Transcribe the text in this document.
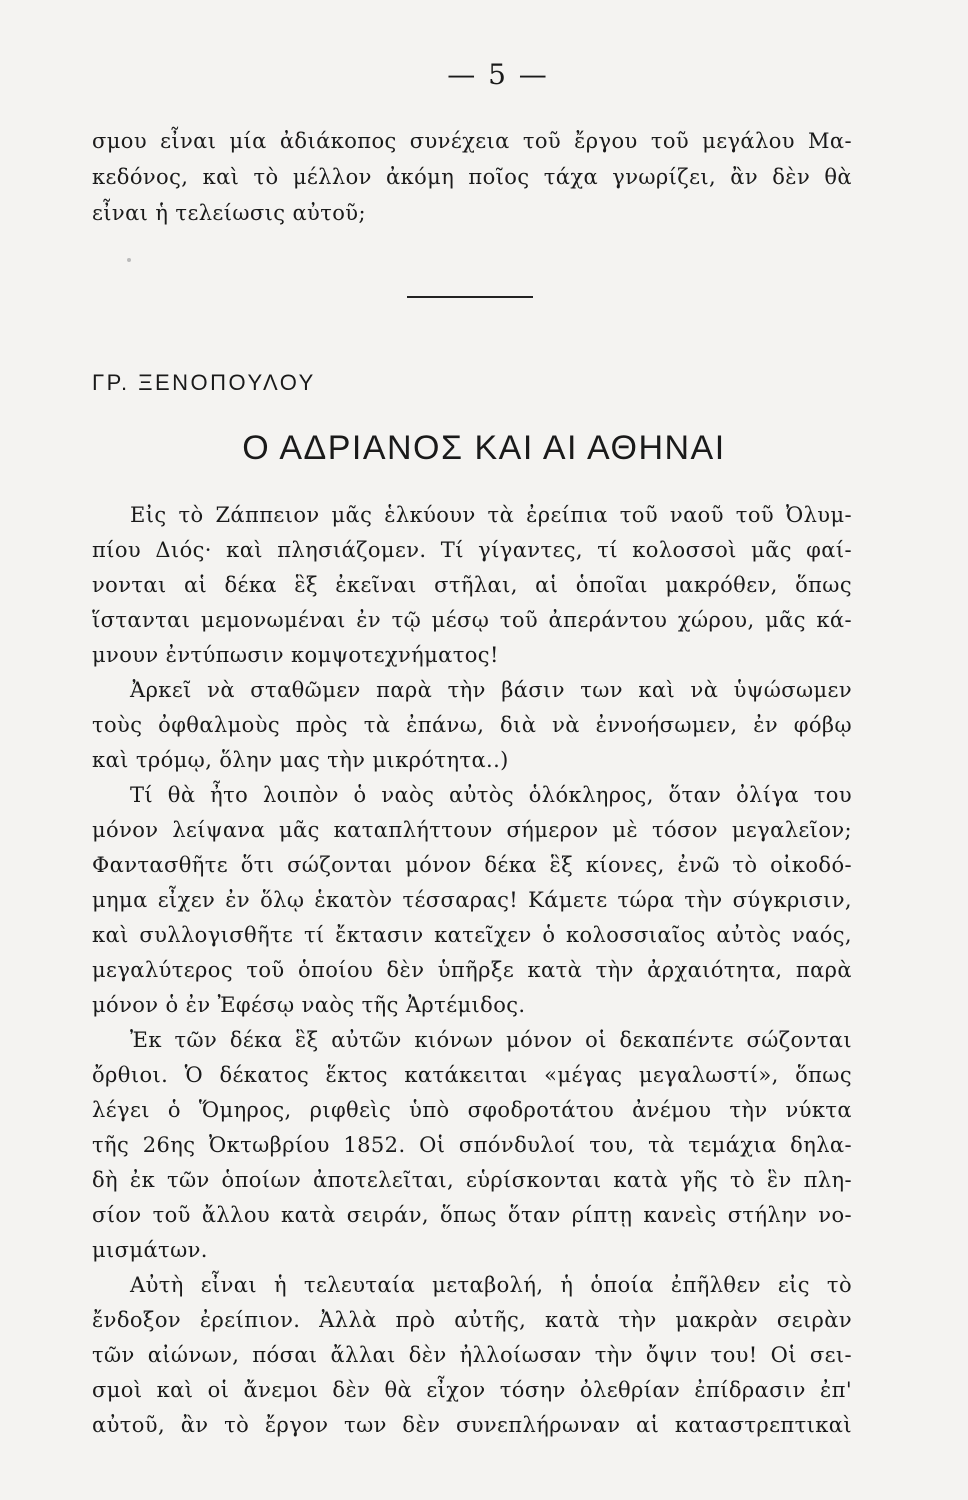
— 5 —
σμου εἶναι μία ἀδιάκοπος συνέχεια τοῦ ἔργου τοῦ μεγάλου Μα-
κεδόνος, καὶ τὸ μέλλον ἀκόμη ποῖος τάχα γνωρίζει, ἂν δὲν θὰ
εἶναι ἡ τελείωσις αὐτοῦ;
ΓΡ. ΞΕΝΟΠΟΥΛΟΥ
Ο ΑΔΡΙΑΝΟΣ ΚΑΙ ΑΙ ΑΘΗΝΑΙ
Εἰς τὸ Ζάππειον μᾶς ἑλκύουν τὰ ἐρείπια τοῦ ναοῦ τοῦ Ὀλυμ-
πίου Διός· καὶ πλησιάζομεν. Τί γίγαντες, τί κολοσσοὶ μᾶς φαί-
νονται αἱ δέκα ἓξ ἐκεῖναι στῆλαι, αἱ ὁποῖαι μακρόθεν, ὅπως
ἵστανται μεμονωμέναι ἐν τῷ μέσῳ τοῦ ἀπεράντου χώρου, μᾶς κά-
μνουν ἐντύπωσιν κομψοτεχνήματος!
Ἀρκεῖ νὰ σταθῶμεν παρὰ τὴν βάσιν των καὶ νὰ ὑψώσωμεν
τοὺς ὀφθαλμοὺς πρὸς τὰ ἐπάνω, διὰ νὰ ἐννοήσωμεν, ἐν φόβῳ
καὶ τρόμῳ, ὅλην μας τὴν μικρότητα..)
Τί θὰ ἦτο λοιπὸν ὁ ναὸς αὐτὸς ὁλόκληρος, ὅταν ὀλίγα του
μόνον λείψανα μᾶς καταπλήττουν σήμερον μὲ τόσον μεγαλεῖον;
Φαντασθῆτε ὅτι σώζονται μόνον δέκα ἓξ κίονες, ἐνῶ τὸ οἰκοδό-
μημα εἶχεν ἐν ὅλῳ ἑκατὸν τέσσαρας! Κάμετε τώρα τὴν σύγκρισιν,
καὶ συλλογισθῆτε τί ἔκτασιν κατεῖχεν ὁ κολοσσιαῖος αὐτὸς ναός,
μεγαλύτερος τοῦ ὁποίου δὲν ὑπῆρξε κατὰ τὴν ἀρχαιότητα, παρὰ
μόνον ὁ ἐν Ἐφέσῳ ναὸς τῆς Ἀρτέμιδος.
Ἐκ τῶν δέκα ἓξ αὐτῶν κιόνων μόνον οἱ δεκαπέντε σώζονται
ὄρθιοι. Ὁ δέκατος ἕκτος κατάκειται «μέγας μεγαλωστί», ὅπως
λέγει ὁ Ὅμηρος, ριφθεὶς ὑπὸ σφοδροτάτου ἀνέμου τὴν νύκτα
τῆς 26ης Ὀκτωβρίου 1852. Οἱ σπόνδυλοί του, τὰ τεμάχια δηλα-
δὴ ἐκ τῶν ὁποίων ἀποτελεῖται, εὑρίσκονται κατὰ γῆς τὸ ἓν πλη-
σίον τοῦ ἄλλου κατὰ σειράν, ὅπως ὅταν ρίπτῃ κανεὶς στήλην νο-
μισμάτων.
Αὐτὴ εἶναι ἡ τελευταία μεταβολή, ἡ ὁποία ἐπῆλθεν εἰς τὸ
ἔνδοξον ἐρείπιον. Ἀλλὰ πρὸ αὐτῆς, κατὰ τὴν μακρὰν σειρὰν
τῶν αἰώνων, πόσαι ἄλλαι δὲν ἠλλοίωσαν τὴν ὄψιν του! Οἱ σει-
σμοὶ καὶ οἱ ἄνεμοι δὲν θὰ εἶχον τόσην ὀλεθρίαν ἐπίδρασιν ἐπ'
αὐτοῦ, ἂν τὸ ἔργον των δὲν συνεπλήρωναν αἱ καταστρεπτικαὶ
